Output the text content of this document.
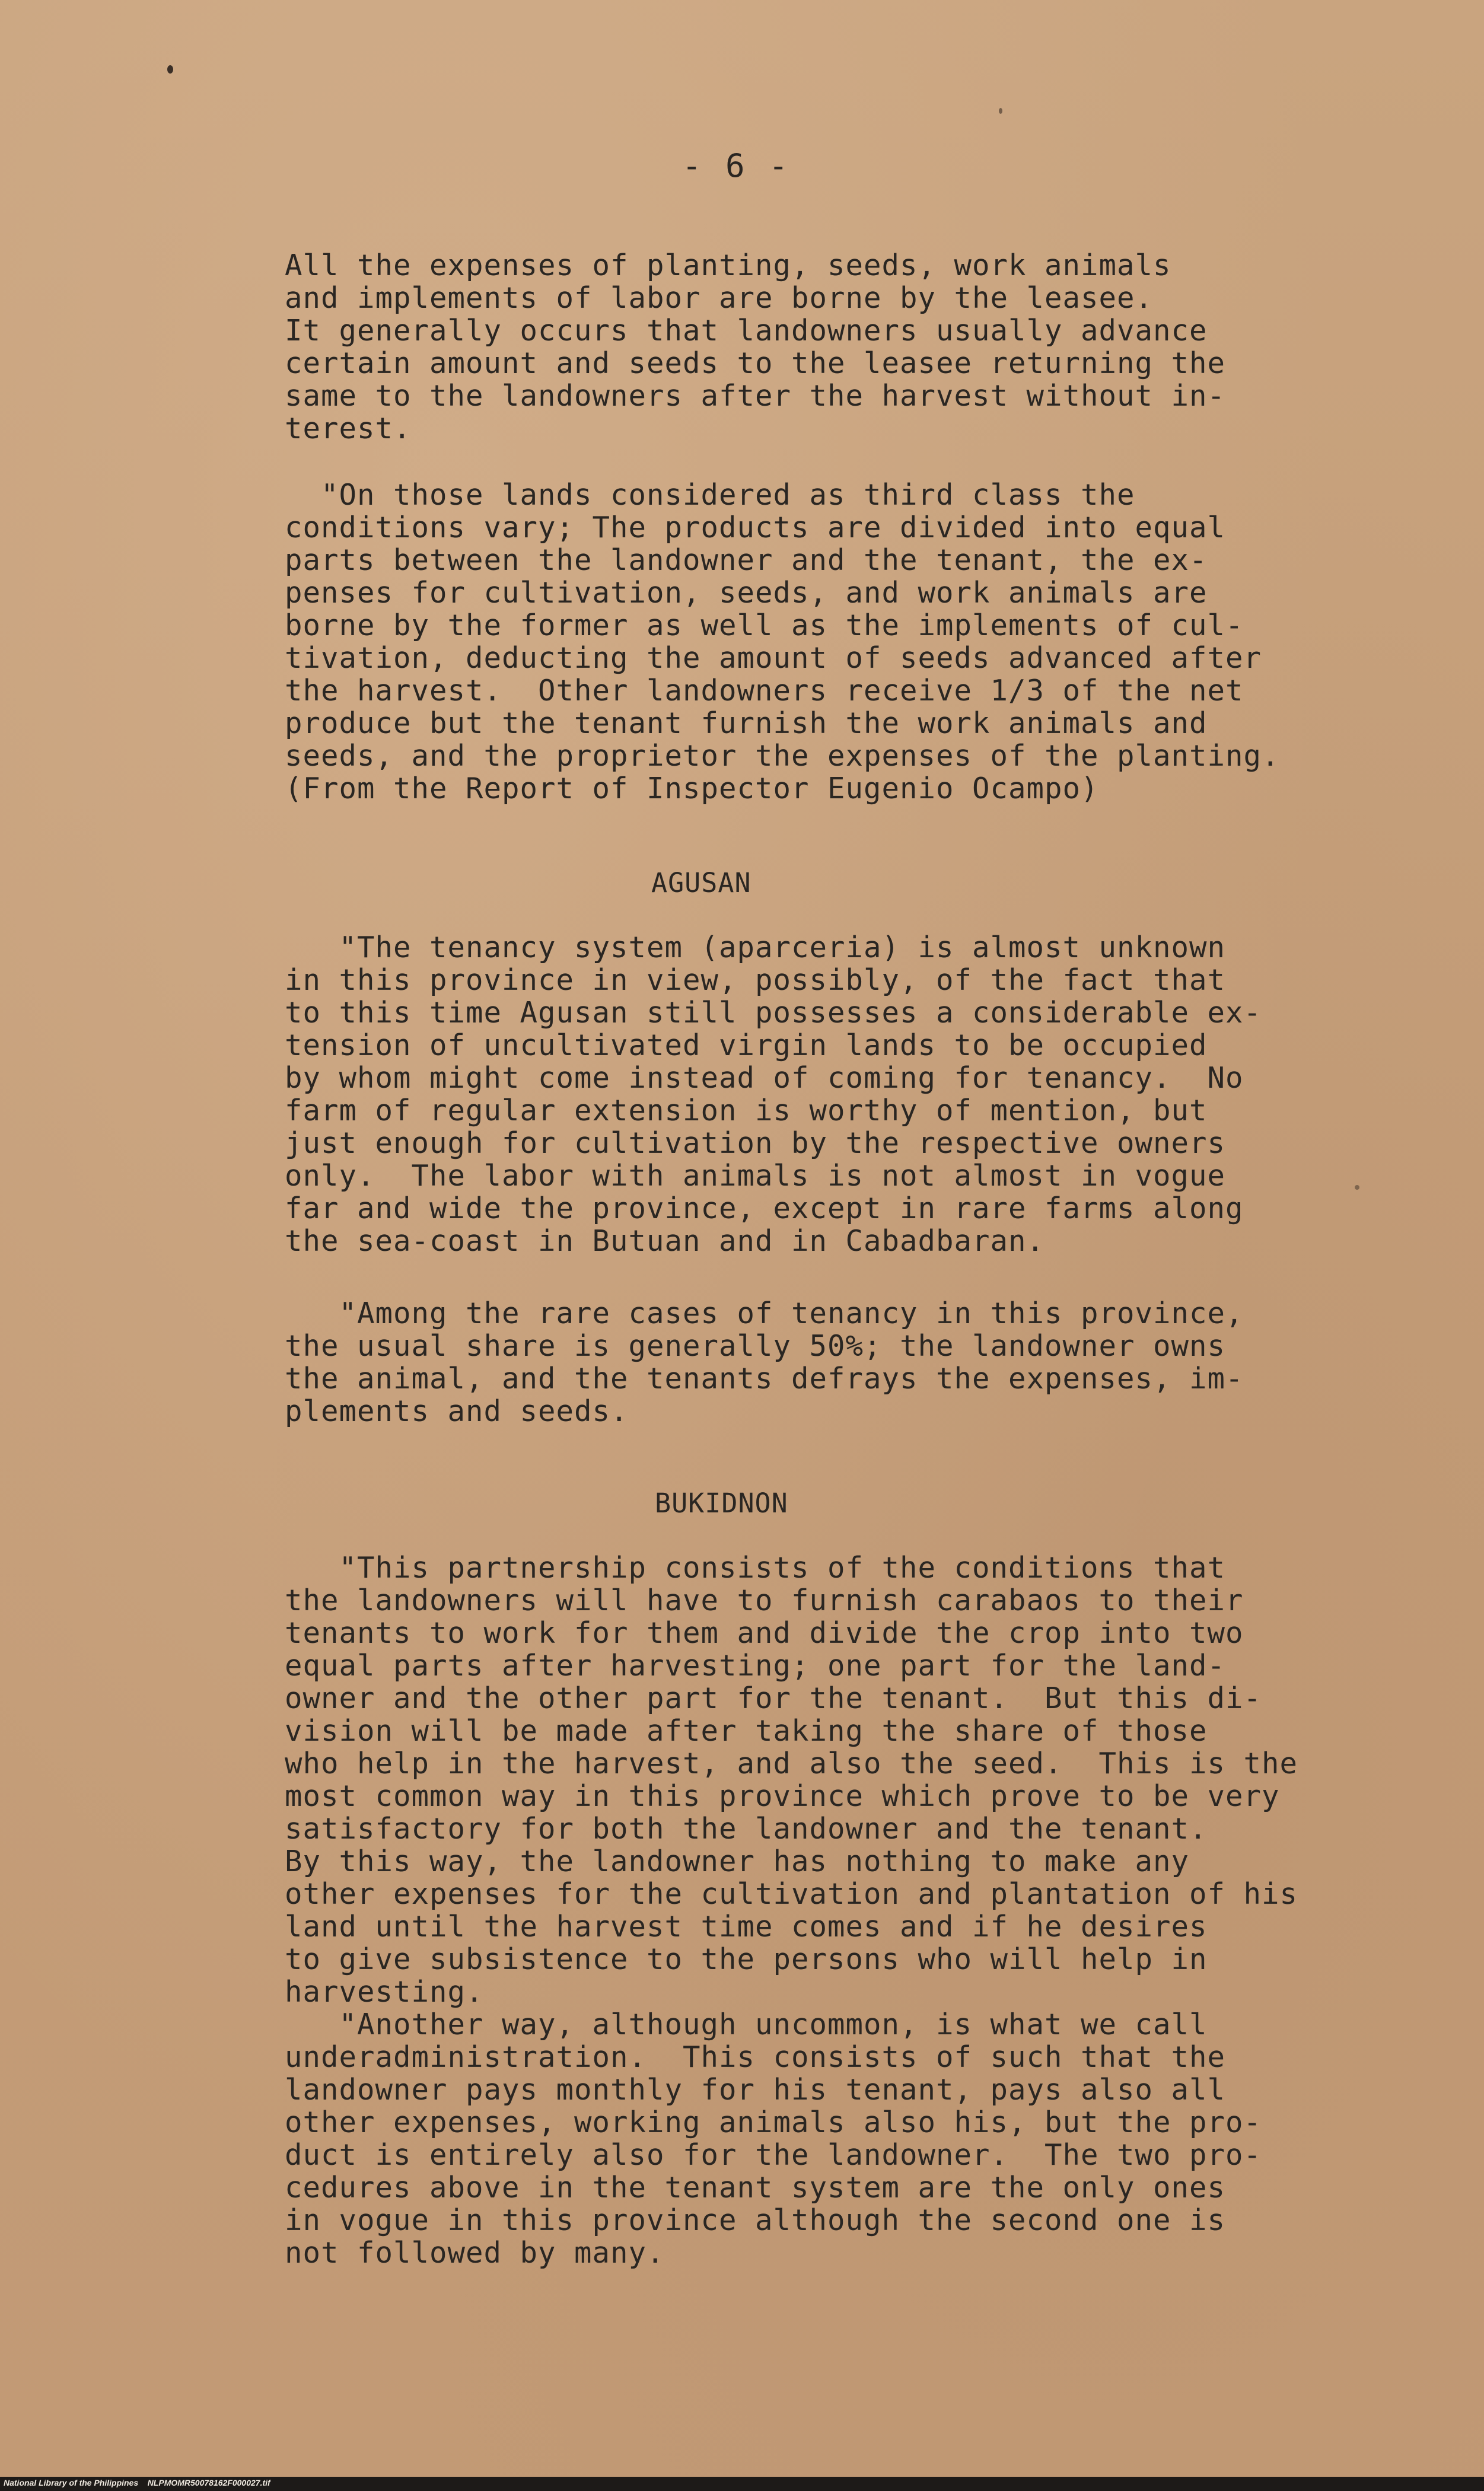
- 6 -
All the expenses of planting, seeds, work animals
and implements of labor are borne by the leasee.
It generally occurs that landowners usually advance
certain amount and seeds to the leasee returning the
same to the landowners after the harvest without in-
terest.
"On those lands considered as third class the
conditions vary; The products are divided into equal
parts between the landowner and the tenant, the ex-
penses for cultivation, seeds, and work animals are
borne by the former as well as the implements of cul-
tivation, deducting the amount of seeds advanced after
the harvest.  Other landowners receive 1/3 of the net
produce but the tenant furnish the work animals and
seeds, and the proprietor the expenses of the planting.
(From the Report of Inspector Eugenio Ocampo)
AGUSAN
"The tenancy system (aparceria) is almost unknown
in this province in view, possibly, of the fact that
to this time Agusan still possesses a considerable ex-
tension of uncultivated virgin lands to be occupied
by whom might come instead of coming for tenancy.  No
farm of regular extension is worthy of mention, but
just enough for cultivation by the respective owners
only.  The labor with animals is not almost in vogue
far and wide the province, except in rare farms along
the sea-coast in Butuan and in Cabadbaran.
"Among the rare cases of tenancy in this province,
the usual share is generally 50%; the landowner owns
the animal, and the tenants defrays the expenses, im-
plements and seeds.
BUKIDNON
"This partnership consists of the conditions that
the landowners will have to furnish carabaos to their
tenants to work for them and divide the crop into two
equal parts after harvesting; one part for the land-
owner and the other part for the tenant.  But this di-
vision will be made after taking the share of those
who help in the harvest, and also the seed.  This is the
most common way in this province which prove to be very
satisfactory for both the landowner and the tenant.
By this way, the landowner has nothing to make any
other expenses for the cultivation and plantation of his
land until the harvest time comes and if he desires
to give subsistence to the persons who will help in
harvesting.
"Another way, although uncommon, is what we call
underadministration.  This consists of such that the
landowner pays monthly for his tenant, pays also all
other expenses, working animals also his, but the pro-
duct is entirely also for the landowner.  The two pro-
cedures above in the tenant system are the only ones
in vogue in this province although the second one is
not followed by many.
National Library of the Philippines    NLPMOMR50078162F000027.tif
